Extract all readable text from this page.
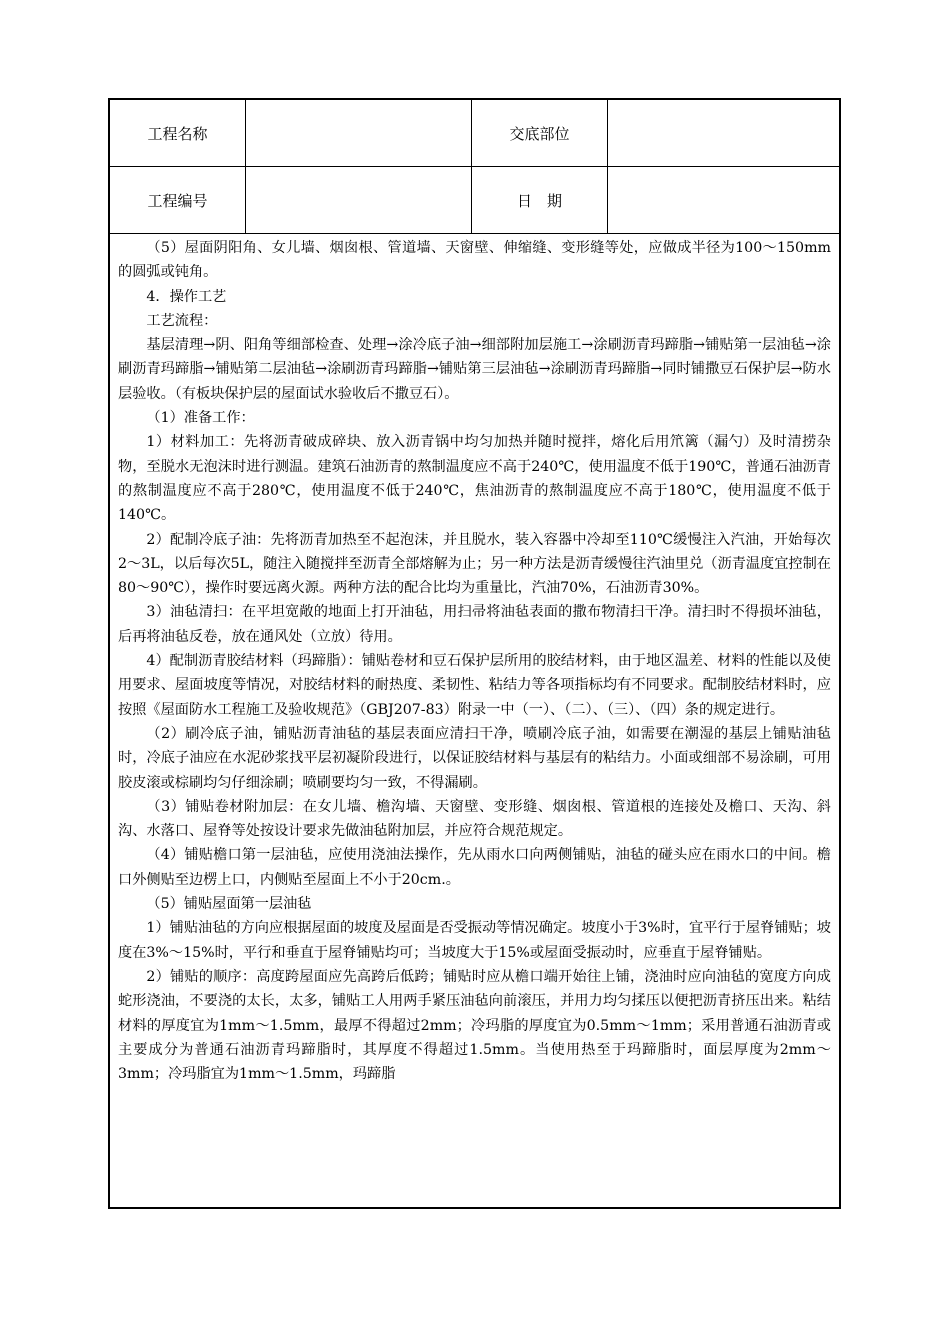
工程名称	交底部位
工程编号	日　期

（5）屋面阴阳角、女儿墙、烟囱根、管道墙、天窗壁、伸缩缝、变形缝等处，应做成半径为100～150mm的圆弧或钝角。

4．操作工艺

工艺流程：

基层清理→阴、阳角等细部检查、处理→涂冷底子油→细部附加层施工→涂刷沥青玛蹄脂→铺贴第一层油毡→涂刷沥青玛蹄脂→铺贴第二层油毡→涂刷沥青玛蹄脂→铺贴第三层油毡→涂刷沥青玛蹄脂→同时铺撒豆石保护层→防水层验收。（有板块保护层的屋面试水验收后不撒豆石）。

（1）准备工作：

1）材料加工：先将沥青破成碎块、放入沥青锅中均匀加热并随时搅拌，熔化后用笊篱（漏勺）及时清捞杂物，至脱水无泡沫时进行测温。建筑石油沥青的熬制温度应不高于240℃，使用温度不低于190℃，普通石油沥青的熬制温度应不高于280℃，使用温度不低于240℃，焦油沥青的熬制温度应不高于180℃，使用温度不低于140℃。

2）配制冷底子油：先将沥青加热至不起泡沫，并且脱水，装入容器中冷却至110℃缓慢注入汽油，开始每次2～3L，以后每次5L，随注入随搅拌至沥青全部熔解为止；另一种方法是沥青缓慢往汽油里兑（沥青温度宜控制在80～90℃），操作时要远离火源。两种方法的配合比均为重量比，汽油70%，石油沥青30%。

3）油毡清扫：在平坦宽敞的地面上打开油毡，用扫帚将油毡表面的撒布物清扫干净。清扫时不得损坏油毡，后再将油毡反卷，放在通风处（立放）待用。

4）配制沥青胶结材料（玛蹄脂）：铺贴卷材和豆石保护层所用的胶结材料，由于地区温差、材料的性能以及使用要求、屋面坡度等情况，对胶结材料的耐热度、柔韧性、粘结力等各项指标均有不同要求。配制胶结材料时，应按照《屋面防水工程施工及验收规范》（GBJ207-83）附录一中（一）、（二）、（三）、（四）条的规定进行。

（2）刷冷底子油，铺贴沥青油毡的基层表面应清扫干净，喷刷冷底子油，如需要在潮湿的基层上铺贴油毡时，冷底子油应在水泥砂浆找平层初凝阶段进行，以保证胶结材料与基层有的粘结力。小面或细部不易涂刷，可用胶皮滚或棕刷均匀仔细涂刷；喷刷要均匀一致，不得漏刷。

（3）铺贴卷材附加层：在女儿墙、檐沟墙、天窗壁、变形缝、烟囱根、管道根的连接处及檐口、天沟、斜沟、水落口、屋脊等处按设计要求先做油毡附加层，并应符合规范规定。

（4）铺贴檐口第一层油毡，应使用浇油法操作，先从雨水口向两侧铺贴，油毡的碰头应在雨水口的中间。檐口外侧贴至边楞上口，内侧贴至屋面上不小于20cm.。

（5）铺贴屋面第一层油毡

1）铺贴油毡的方向应根据屋面的坡度及屋面是否受振动等情况确定。坡度小于3%时，宜平行于屋脊铺贴；坡度在3%～15%时，平行和垂直于屋脊铺贴均可；当坡度大于15%或屋面受振动时，应垂直于屋脊铺贴。

2）铺贴的顺序：高度跨屋面应先高跨后低跨；铺贴时应从檐口端开始往上铺，浇油时应向油毡的宽度方向成蛇形浇油，不要浇的太长，太多，铺贴工人用两手紧压油毡向前滚压，并用力均匀揉压以便把沥青挤压出来。粘结材料的厚度宜为1mm～1.5mm，最厚不得超过2mm；冷玛脂的厚度宜为0.5mm～1mm；采用普通石油沥青或主要成分为普通石油沥青玛蹄脂时，其厚度不得超过1.5mm。当使用热至于玛蹄脂时，面层厚度为2mm～3mm；冷玛脂宜为1mm～1.5mm，玛蹄脂
